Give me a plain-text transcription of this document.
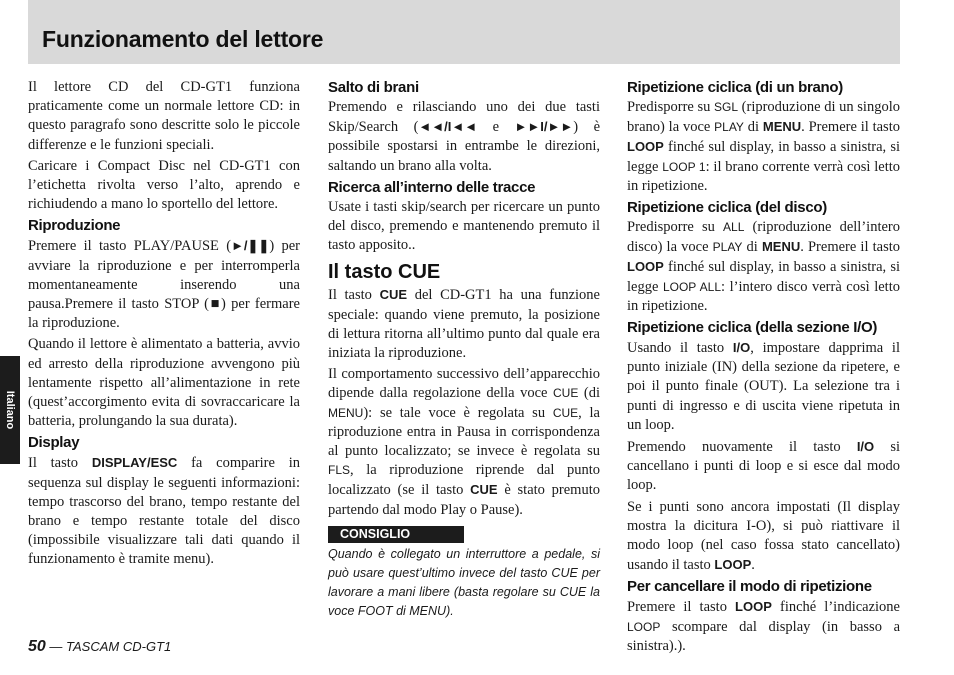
Funzionamento del lettore
Italiano

Il lettore CD del CD-GT1 funziona praticamente come un normale lettore CD: in questo paragrafo sono descritte solo le piccole differenze e le funzioni speciali.

Caricare i Compact Disc nel CD-GT1 con l’etichetta rivolta verso l’alto, aprendo e richiudendo a mano lo sportello del lettore.

Riproduzione

Premere il tasto PLAY/PAUSE (►/❚❚) per avviare la riproduzione e per interromperla momentaneamente inserendo una pausa.Premere il tasto STOP (■) per fermare la riproduzione.

Quando il lettore è alimentato a batteria, avvio ed arresto della riproduzione avvengono più lentamente rispetto all’alimentazione in rete (quest’accorgimento evita di sovraccaricare la batteria, prolungando la sua durata).

Display

Il tasto DISPLAY/ESC fa comparire in sequenza sul display le seguenti informazioni: tempo trascorso del brano, tempo restante del brano e tempo restante totale del disco (impossibile visualizzare tali dati quando il funzionamento è tramite menu).

Salto di brani

Premendo e rilasciando uno dei due tasti Skip/Search (◄◄/I◄◄ e ►►I/►►) è possibile spostarsi in entrambe le direzioni, saltando un brano alla volta.

Ricerca all’interno delle tracce

Usate i tasti skip/search per ricercare un punto del disco, premendo e mantenendo premuto il tasto apposito..

Il tasto CUE

Il tasto CUE del CD-GT1 ha una funzione speciale: quando viene premuto, la posizione di lettura ritorna all’ultimo punto dal quale era iniziata la riproduzione.

Il comportamento successivo dell’apparecchio dipende dalla regolazione della voce CUE (di MENU): se tale voce è regolata su CUE, la riproduzione entra in Pausa in corrispondenza al punto localizzato; se invece è regolata su FLS, la riproduzione riprende dal punto localizzato (se il tasto CUE è stato premuto partendo dal modo Play o Pause).

CONSIGLIO

Quando è collegato un interruttore a pedale, si può usare quest’ultimo invece del tasto CUE per lavorare a mani libere (basta regolare su CUE la voce FOOT di MENU).

Ripetizione ciclica (di un brano)

Predisporre su SGL (riproduzione di un singolo brano) la voce PLAY di MENU. Premere il tasto LOOP finché sul display, in basso a sinistra, si legge LOOP 1: il brano corrente verrà così letto in ripetizione.

Ripetizione ciclica (del disco)

Predisporre su ALL (riproduzione dell’intero disco) la voce PLAY di MENU. Premere il tasto LOOP finché sul display, in basso a sinistra, si legge LOOP ALL: l’intero disco verrà così letto in ripetizione.

Ripetizione ciclica (della sezione I/O)

Usando il tasto I/O, impostare dapprima il punto iniziale (IN) della sezione da ripetere, e poi il punto finale (OUT). La selezione tra i punti di ingresso e di uscita viene ripetuta in un loop.

Premendo nuovamente il tasto I/O si cancellano i punti di loop e si esce dal modo loop.

Se i punti sono ancora impostati (Il display mostra la dicitura I-O), si può riattivare il modo loop (nel caso fossa stato cancellato) usando il tasto LOOP.

Per cancellare il modo di ripetizione

Premere il tasto LOOP finché l’indicazione LOOP scompare dal display (in basso a sinistra).).

50 — TASCAM CD-GT1
